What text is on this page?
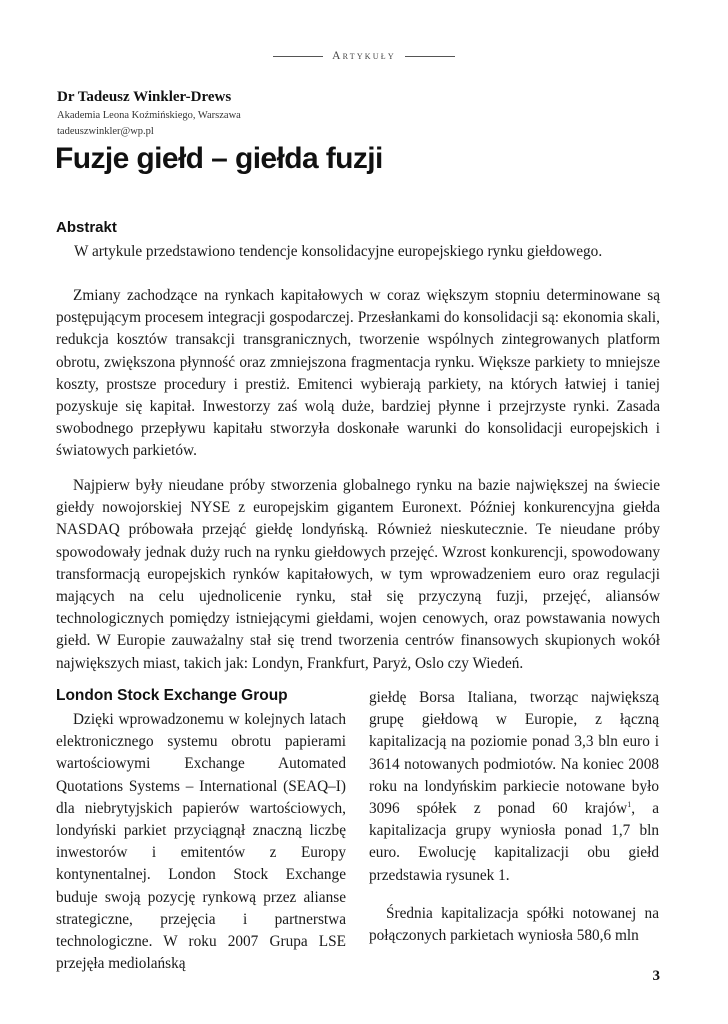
Artykuły
Dr Tadeusz Winkler-Drews
Akademia Leona Koźmińskiego, Warszawa
tadeuszwinkler@wp.pl
Fuzje giełd – giełda fuzji
Abstrakt
W artykule przedstawiono tendencje konsolidacyjne europejskiego rynku giełdowego.

Zmiany zachodzące na rynkach kapitałowych w coraz większym stopniu determinowane są postępującym procesem integracji gospodarczej. Przesłankami do konsolidacji są: ekonomia skali, redukcja kosztów transakcji transgranicznych, tworzenie wspólnych zintegrowanych platform obrotu, zwiększona płynność oraz zmniejszona fragmentacja rynku. Większe parkiety to mniejsze koszty, prostsze procedury i prestiż. Emitenci wybierają parkiety, na których łatwiej i taniej pozyskuje się kapitał. Inwestorzy zaś wolą duże, bardziej płynne i przejrzyste rynki. Zasada swobodnego przepływu kapitału stworzyła doskonałe warunki do konsolidacji europejskich i światowych parkietów.

Najpierw były nieudane próby stworzenia globalnego rynku na bazie największej na świecie giełdy nowojorskiej NYSE z europejskim gigantem Euronext. Później konkurencyjna giełda NASDAQ próbowała przejąć giełdę londyńską. Również nieskutecznie. Te nieudane próby spowodowały jednak duży ruch na rynku giełdowych przejęć. Wzrost konkurencji, spowodowany transformacją europejskich rynków kapitałowych, w tym wprowadzeniem euro oraz regulacji mających na celu ujednolicenie rynku, stał się przyczyną fuzji, przejęć, aliansów technologicznych pomiędzy istniejącymi giełdami, wojen cenowych, oraz powstawania nowych giełd. W Europie zauważalny stał się trend tworzenia centrów finansowych skupionych wokół największych miast, takich jak: Londyn, Frankfurt, Paryż, Oslo czy Wiedeń.

London Stock Exchange Group

Dzięki wprowadzonemu w kolejnych latach elektronicznego systemu obrotu papierami wartościowymi Exchange Automated Quotations Systems – International (SEAQ–I) dla niebrytyjskich papierów wartościowych, londyński parkiet przyciągnął znaczną liczbę inwestorów i emitentów z Europy kontynentalnej. London Stock Exchange buduje swoją pozycję rynkową przez alianse strategiczne, przejęcia i partnerstwa technologiczne. W roku 2007 Grupa LSE przejęła mediolańską

giełdę Borsa Italiana, tworząc największą grupę giełdową w Europie, z łączną kapitalizacją na poziomie ponad 3,3 bln euro i 3614 notowanych podmiotów. Na koniec 2008 roku na londyńskim parkiecie notowane było 3096 spółek z ponad 60 krajów$^1$, a kapitalizacja grupy wyniosła ponad 1,7 bln euro. Ewolucję kapitalizacji obu giełd przedstawia rysunek 1.

Średnia kapitalizacja spółki notowanej na połączonych parkietach wyniosła 580,6 mln

3
